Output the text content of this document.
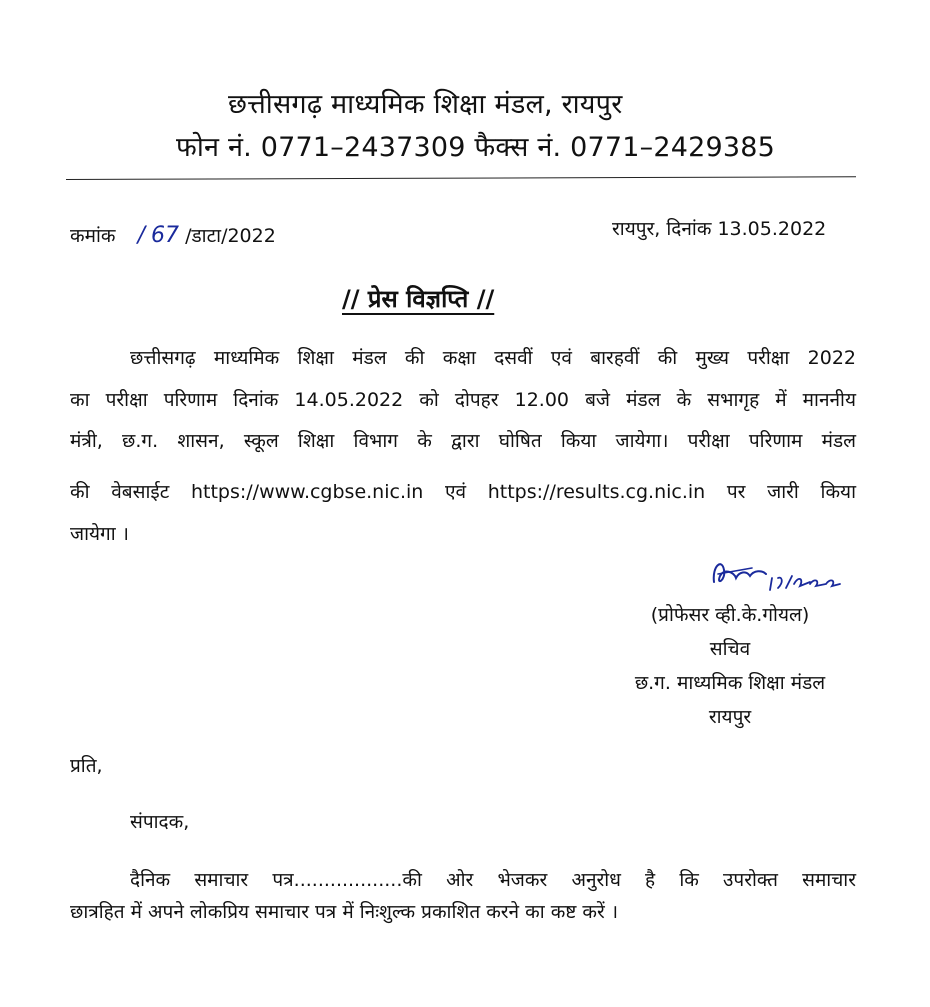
छत्तीसगढ़ माध्यमिक शिक्षा मंडल, रायपुर
फोन नं. 0771–2437309 फैक्स नं. 0771–2429385
कमांक / 67 /डाटा/2022	रायपुर, दिनांक 13.05.2022
// प्रेस विज्ञप्ति //
छत्तीसगढ़ माध्यमिक शिक्षा मंडल की कक्षा दसवीं एवं बारहवीं की मुख्य परीक्षा 2022
का परीक्षा परिणाम दिनांक 14.05.2022 को दोपहर 12.00 बजे मंडल के सभागृह में माननीय
मंत्री, छ.ग. शासन, स्कूल शिक्षा विभाग के द्वारा घोषित किया जायेगा। परीक्षा परिणाम मंडल
की वेबसाईट https://www.cgbse.nic.in एवं https://results.cg.nic.in पर जारी किया
जायेगा ।
(प्रोफेसर व्ही.के.गोयल)
सचिव
छ.ग. माध्यमिक शिक्षा मंडल
रायपुर
प्रति,
संपादक,
दैनिक समाचार पत्र..................की ओर भेजकर अनुरोध है कि उपरोक्त समाचार
छात्रहित में अपने लोकप्रिय समाचार पत्र में निःशुल्क प्रकाशित करने का कष्ट करें ।
